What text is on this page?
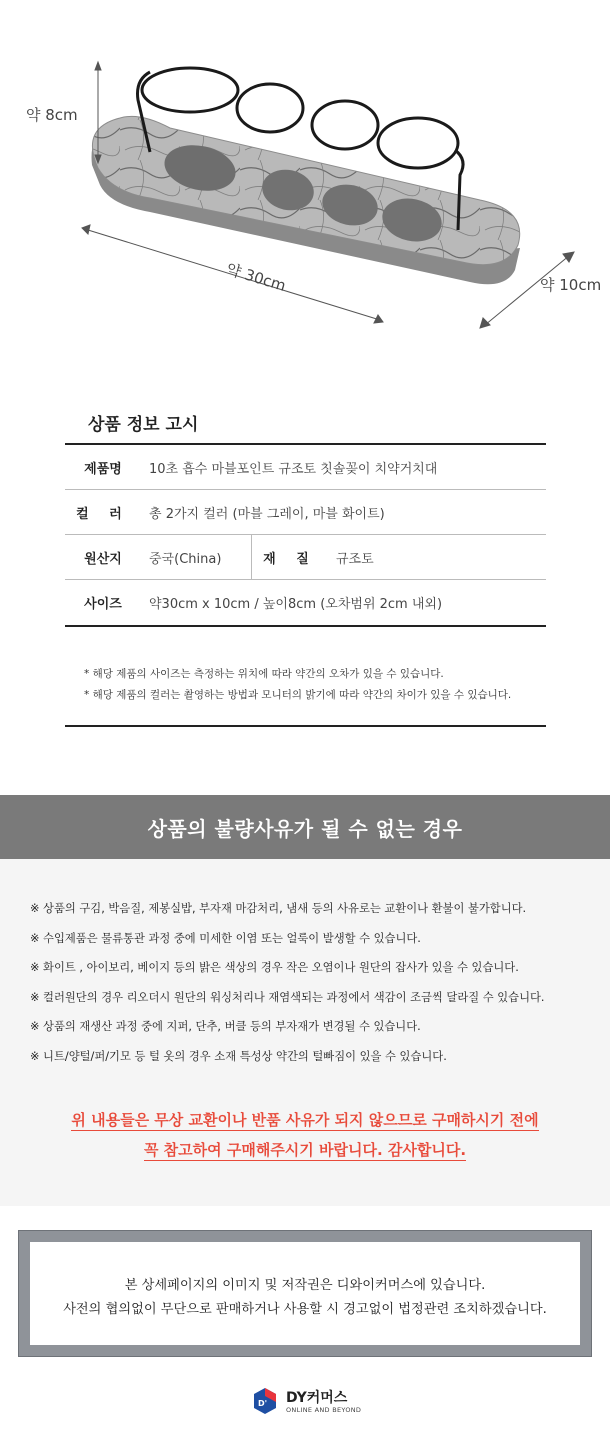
약 8cm
약 30cm	약 10cm
상품 정보 고시
제품명	10초 흡수 마블포인트 규조토 칫솔꽂이 치약거치대
컬 러	총 2가지 컬러 (마블 그레이, 마블 화이트)
원산지	중국(China)	재 질	규조토
사이즈	약30cm x 10cm / 높이8cm (오차범위 2cm 내외)
* 해당 제품의 사이즈는 측정하는 위치에 따라 약간의 오차가 있을 수 있습니다.
* 해당 제품의 컬러는 촬영하는 방법과 모니터의 밝기에 따라 약간의 차이가 있을 수 있습니다.
상품의 불량사유가 될 수 없는 경우
※ 상품의 구김, 박음질, 제봉실밥, 부자재 마감처리, 냄새 등의 사유로는 교환이나 환불이 불가합니다.
※ 수입제품은 물류통관 과정 중에 미세한 이염 또는 얼룩이 발생할 수 있습니다.
※ 화이트 , 아이보리, 베이지 등의 밝은 색상의 경우 작은 오염이나 원단의 잡사가 있을 수 있습니다.
※ 컬러원단의 경우 리오더시 원단의 워싱처리나 재염색되는 과정에서 색감이 조금씩 달라질 수 있습니다.
※ 상품의 재생산 과정 중에 지퍼, 단추, 버클 등의 부자재가 변경될 수 있습니다.
※ 니트/양털/퍼/기모 등 털 옷의 경우 소재 특성상 약간의 털빠짐이 있을 수 있습니다.
위 내용들은 무상 교환이나 반품 사유가 되지 않으므로 구매하시기 전에
꼭 참고하여 구매해주시기 바랍니다. 감사합니다.
본 상세페이지의 이미지 및 저작권은 디와이커머스에 있습니다.
사전의 협의없이 무단으로 판매하거나 사용할 시 경고없이 법정관련 조치하겠습니다.
D' DY커머스
ONLINE AND BEYOND
